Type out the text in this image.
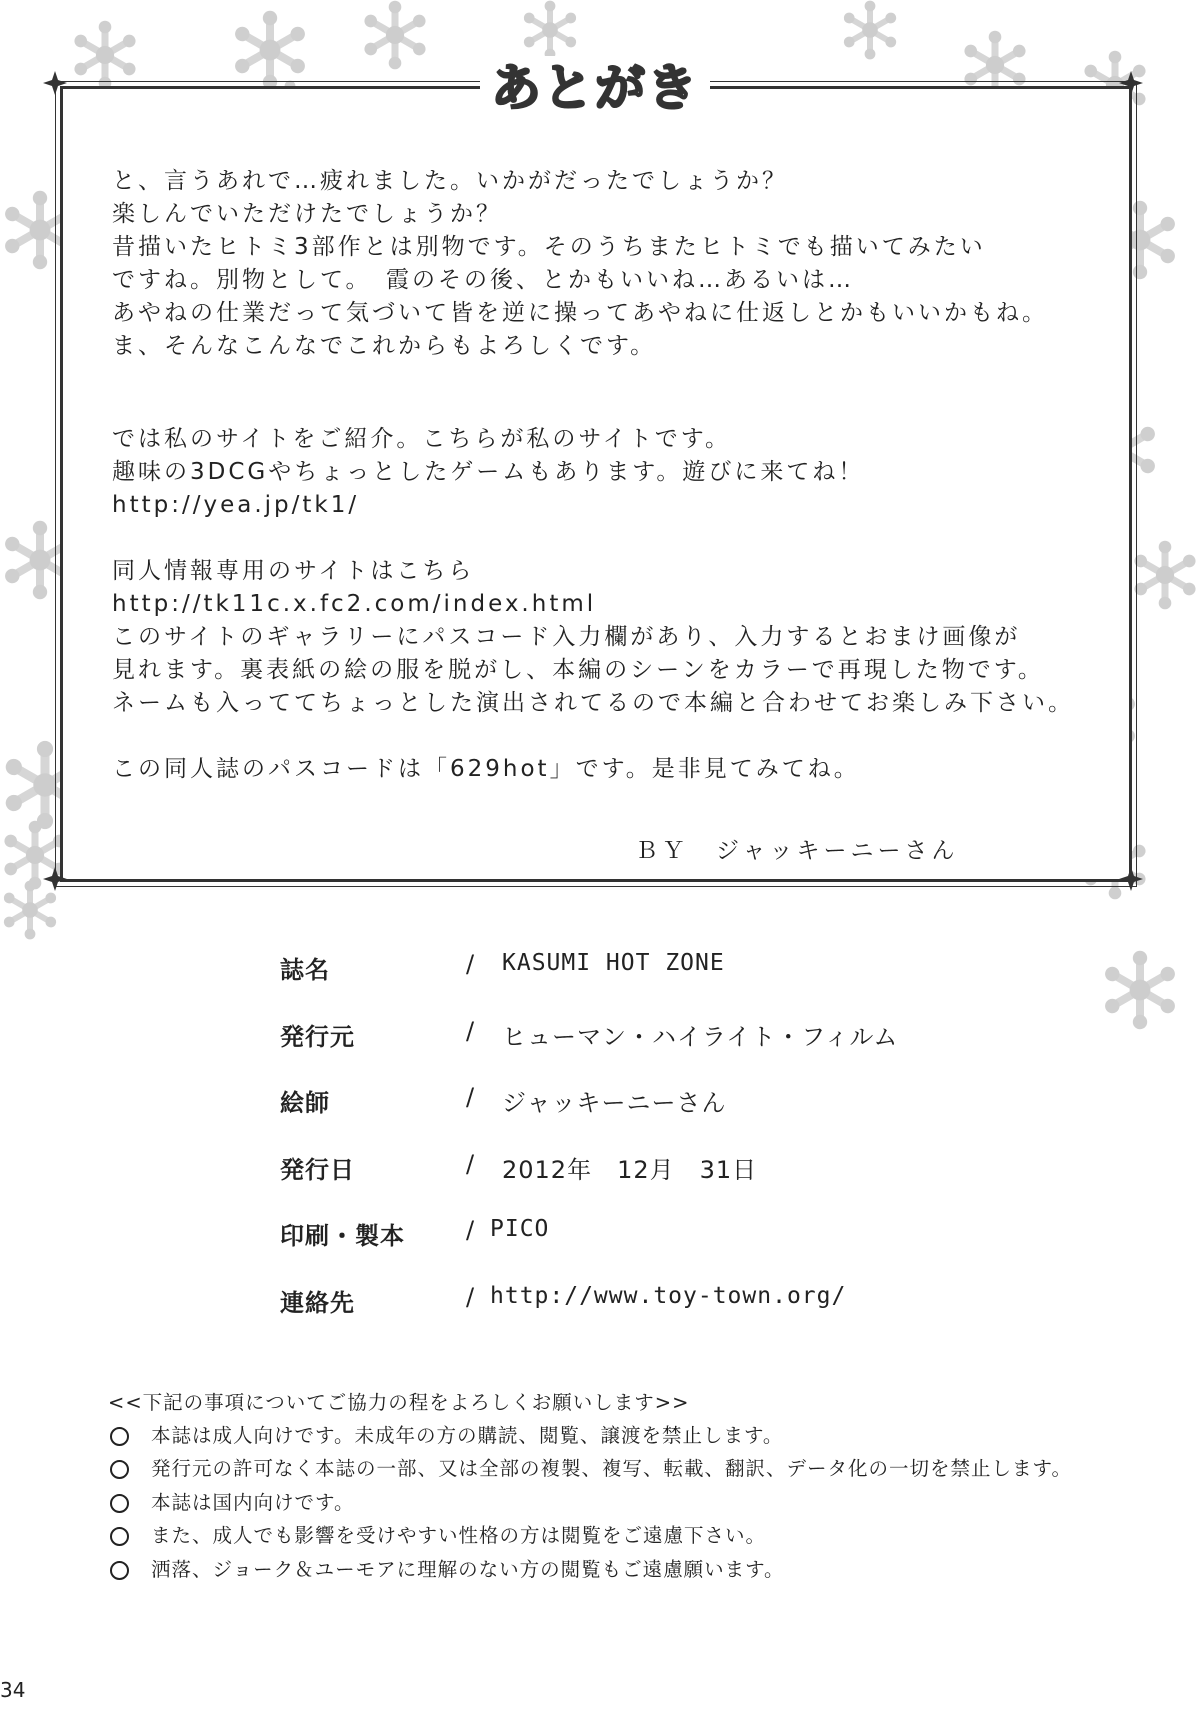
あとがき

と、言うあれで…疲れました。いかがだったでしょうか？

楽しんでいただけたでしょうか？

昔描いたヒトミ3部作とは別物です。そのうちまたヒトミでも描いてみたい

ですね。別物として。　霞のその後、とかもいいね…あるいは…

あやねの仕業だって気づいて皆を逆に操ってあやねに仕返しとかもいいかもね。

ま、そんなこんなでこれからもよろしくです。

では私のサイトをご紹介。こちらが私のサイトです。

趣味の3DCGやちょっとしたゲームもあります。遊びに来てね！

http://yea.jp/tk1/

同人情報専用のサイトはこちら

http://tk11c.x.fc2.com/index.html

このサイトのギャラリーにパスコード入力欄があり、入力するとおまけ画像が

見れます。裏表紙の絵の服を脱がし、本編のシーンをカラーで再現した物です。

ネームも入っててちょっとした演出されてるので本編と合わせてお楽しみ下さい。

この同人誌のパスコードは「629hot」です。是非見てみてね。

ＢＹ　ジャッキーニーさん
誌名	/ KASUMI HOT ZONE
発行元	/ ヒューマン・ハイライト・フィルム
絵師	/ ジャッキーニーさん
発行日	/ 2012年　12月　31日
印刷・製本	/ PICO
連絡先	/ http://www.toy-town.org/
<<下記の事項についてご協力の程をよろしくお願いします>>
本誌は成人向けです。未成年の方の購読、閲覧、譲渡を禁止します。
発行元の許可なく本誌の一部、又は全部の複製、複写、転載、翻訳、データ化の一切を禁止します。
本誌は国内向けです。
また、成人でも影響を受けやすい性格の方は閲覧をご遠慮下さい。
洒落、ジョーク＆ユーモアに理解のない方の閲覧もご遠慮願います。
34
